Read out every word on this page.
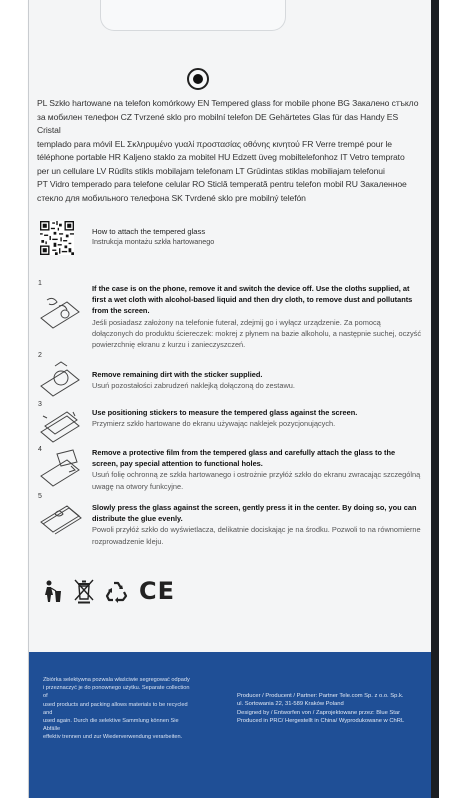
PL Szkło hartowane na telefon komórkowy EN Tempered glass for mobile phone BG Закалено стъкло
за мобилен телефон CZ Tvrzené sklo pro mobilní telefon DE Gehärtetes Glas für das Handy ES Cristal
templado para móvil EL Σκληρυμένο γυαλί προστασίας οθόνης κινητού FR Verre trempé pour le
téléphone portable HR Kaljeno staklo za mobitel HU Edzett üveg mobiltelefonhoz IT Vetro temprato
per un cellulare LV Rūdīts stikls mobilajam telefonam LT Grūdintas stiklas mobiliajam telefonui
PT Vidro temperado para telefone celular RO Sticlă temperată pentru telefon mobil RU Закаленное
стекло для мобильного телефона SK Tvrdené sklo pre mobilný telefón
How to attach the tempered glass
Instrukcja montażu szkła hartowanego
1
If the case is on the phone, remove it and switch the device off. Use the cloths supplied, at first a wet cloth with alcohol-based liquid and then dry cloth, to remove dust and pollutants from the screen.
Jeśli posiadasz założony na telefonie futerał, zdejmij go i wyłącz urządzenie. Za pomocą dołączonych do produktu ściereczek: mokrej z płynem na bazie alkoholu, a następnie suchej, oczyść powierzchnię ekranu z kurzu i zanieczyszczeń.
2
Remove remaining dirt with the sticker supplied.
Usuń pozostałości zabrudzeń naklejką dołączoną do zestawu.
3
Use positioning stickers to measure the tempered glass against the screen.
Przymierz szkło hartowane do ekranu używając naklejek pozycjonujących.
4	Remove a protective film from the tempered glass and carefully attach the glass to the screen, pay special attention to functional holes.
Usuń folię ochronną ze szkła hartowanego i ostrożnie przyłóż szkło do ekranu zwracając szczególną uwagę na otwory funkcyjne.
5
Slowly press the glass against the screen, gently press it in the center. By doing so, you can distribute the glue evenly.
Powoli przyłóż szkło do wyświetlacza, delikatnie dociskając je na środku. Pozwoli to na równomierne rozprowadzenie kleju.
CE
Zbiórka selektywna pozwala właściwie segregować odpady
i przeznaczyć je do ponownego użytku. Separate collection of
used products and packing allows materials to be recycled and
used again. Durch die selektive Sammlung können Sie Abfälle
effektiv trennen und zur Wiederverwendung verarbeiten.
Producer / Producent / Partner: Partner Tele.com Sp. z o.o. Sp.k.
ul. Sortowania 22, 31-589 Kraków Poland
Designed by / Entworfen von / Zaprojektowane przez: Blue Star
Produced in PRC/ Hergestellt in China/ Wyprodukowane w ChRL
